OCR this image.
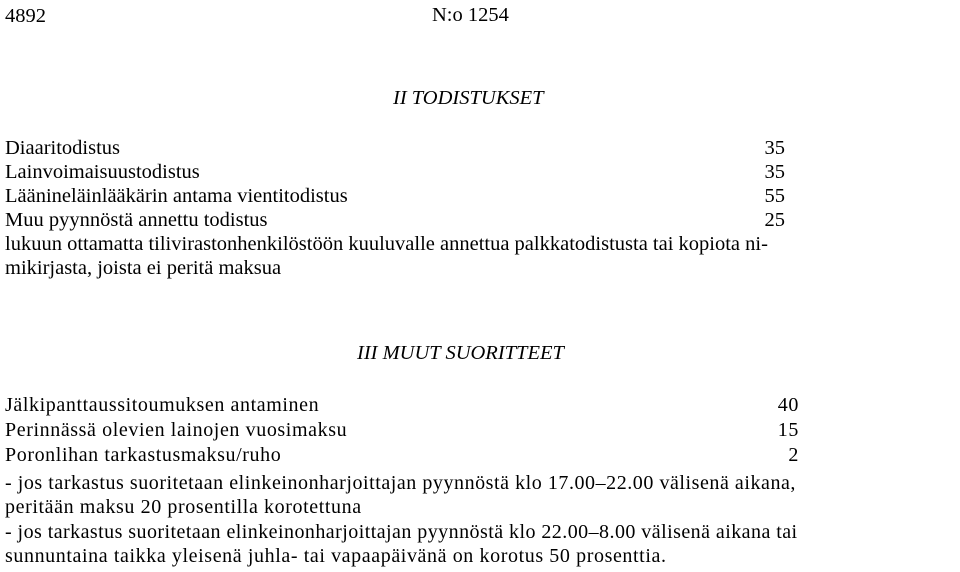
4892	N:o 1254
II TODISTUKSET
Diaaritodistus	35
Lainvoimaisuustodistus	35
Läänineläinlääkärin antama vientitodistus	55
Muu pyynnöstä annettu todistus	25
lukuun ottamatta tilivirastonhenkilöstöön kuuluvalle annettua palkkatodistusta tai kopiota ni-
mikirjasta, joista ei peritä maksua
III MUUT SUORITTEET
Jälkipanttaussitoumuksen antaminen	40
Perinnässä olevien lainojen vuosimaksu	15
Poronlihan tarkastusmaksu/ruho	2
- jos tarkastus suoritetaan elinkeinonharjoittajan pyynnöstä klo 17.00–22.00 välisenä aikana,
peritään maksu 20 prosentilla korotettuna
- jos tarkastus suoritetaan elinkeinonharjoittajan pyynnöstä klo 22.00–8.00 välisenä aikana tai
sunnuntaina taikka yleisenä juhla- tai vapaapäivänä on korotus 50 prosenttia.
